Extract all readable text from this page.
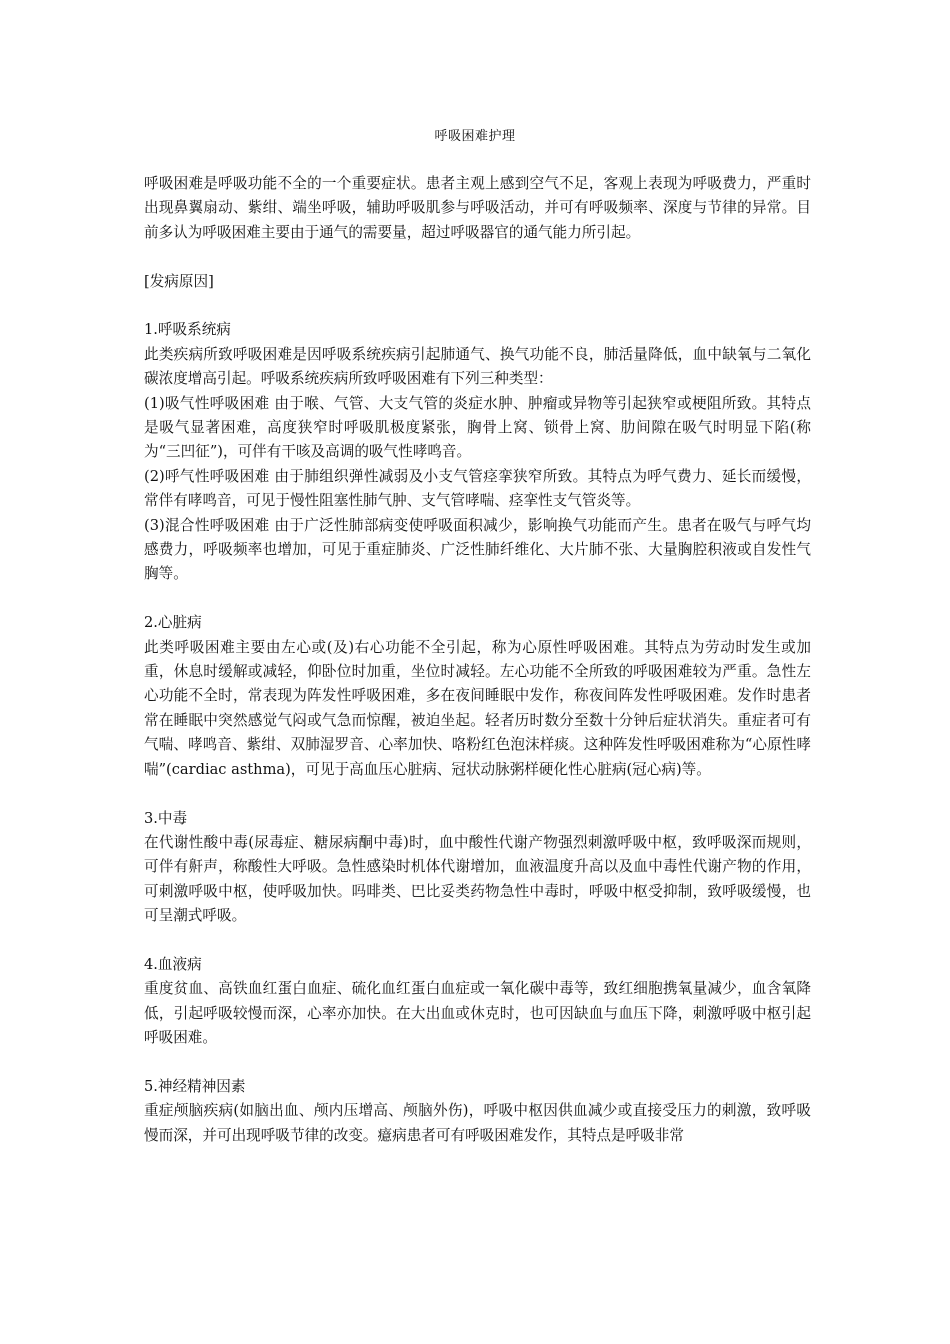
呼吸困难护理

呼吸困难是呼吸功能不全的一个重要症状。患者主观上感到空气不足，客观上表现为呼吸费力，严重时出现鼻翼扇动、紫绀、端坐呼吸，辅助呼吸肌参与呼吸活动，并可有呼吸频率、深度与节律的异常。目前多认为呼吸困难主要由于通气的需要量，超过呼吸器官的通气能力所引起。

[发病原因]

1.呼吸系统病

此类疾病所致呼吸困难是因呼吸系统疾病引起肺通气、换气功能不良，肺活量降低，血中缺氧与二氧化碳浓度增高引起。呼吸系统疾病所致呼吸困难有下列三种类型：

(1)吸气性呼吸困难 由于喉、气管、大支气管的炎症水肿、肿瘤或异物等引起狭窄或梗阻所致。其特点是吸气显著困难，高度狭窄时呼吸肌极度紧张，胸骨上窝、锁骨上窝、肋间隙在吸气时明显下陷(称为“三凹征”)，可伴有干咳及高调的吸气性哮鸣音。

(2)呼气性呼吸困难 由于肺组织弹性减弱及小支气管痉挛狭窄所致。其特点为呼气费力、延长而缓慢，常伴有哮鸣音，可见于慢性阻塞性肺气肿、支气管哮喘、痉挛性支气管炎等。

(3)混合性呼吸困难 由于广泛性肺部病变使呼吸面积减少，影响换气功能而产生。患者在吸气与呼气均感费力，呼吸频率也增加，可见于重症肺炎、广泛性肺纤维化、大片肺不张、大量胸腔积液或自发性气胸等。

2.心脏病

此类呼吸困难主要由左心或(及)右心功能不全引起，称为心原性呼吸困难。其特点为劳动时发生或加重，休息时缓解或减轻，仰卧位时加重，坐位时减轻。左心功能不全所致的呼吸困难较为严重。急性左心功能不全时，常表现为阵发性呼吸困难，多在夜间睡眠中发作，称夜间阵发性呼吸困难。发作时患者常在睡眠中突然感觉气闷或气急而惊醒，被迫坐起。轻者历时数分至数十分钟后症状消失。重症者可有气喘、哮鸣音、紫绀、双肺湿罗音、心率加快、咯粉红色泡沫样痰。这种阵发性呼吸困难称为“心原性哮喘”(cardiac asthma)，可见于高血压心脏病、冠状动脉粥样硬化性心脏病(冠心病)等。

3.中毒

在代谢性酸中毒(尿毒症、糖尿病酮中毒)时，血中酸性代谢产物强烈刺激呼吸中枢，致呼吸深而规则，可伴有鼾声，称酸性大呼吸。急性感染时机体代谢增加，血液温度升高以及血中毒性代谢产物的作用，可刺激呼吸中枢，使呼吸加快。吗啡类、巴比妥类药物急性中毒时，呼吸中枢受抑制，致呼吸缓慢，也可呈潮式呼吸。

4.血液病

重度贫血、高铁血红蛋白血症、硫化血红蛋白血症或一氧化碳中毒等，致红细胞携氧量减少，血含氧降低，引起呼吸较慢而深，心率亦加快。在大出血或休克时，也可因缺血与血压下降，刺激呼吸中枢引起呼吸困难。

5.神经精神因素

重症颅脑疾病(如脑出血、颅内压增高、颅脑外伤)，呼吸中枢因供血减少或直接受压力的刺激，致呼吸慢而深，并可出现呼吸节律的改变。癔病患者可有呼吸困难发作，其特点是呼吸非常
